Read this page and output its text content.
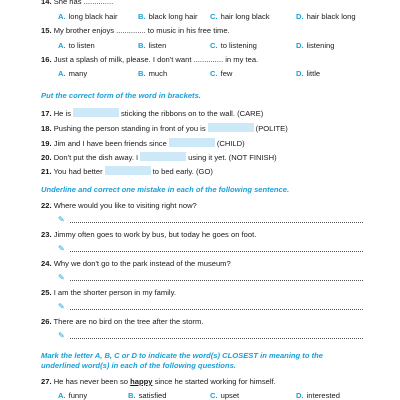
14. She has ..............
A. long black hair	B. black long hair C. hair long black	D. hair black long
15. My brother enjoys .............. to music in his free time.
A. to listen	B. listen	C. to listening	D. listening
16. Just a splash of milk, please. I don't want .............. in my tea.
A. many	B. much	C. few	D. little
Put the correct form of the word in brackets.
17. He is	sticking the ribbons on to the wall. (CARE)
18. Pushing the person standing in front of you is	(POLITE)
19. Jim and I have been friends since	(CHILD)
20. Don't put the dish away. I	using it yet. (NOT FINISH)
21. You had better	to bed early. (GO)
Underline and correct one mistake in each of the following sentence.
22. Where would you like to visiting right now?
✎
23. Jimmy often goes to work by bus, but today he goes on foot.
✎
24. Why we don't go to the park instead of the museum?
✎
25. I am the shorter person in my family.
✎
26. There are no bird on the tree after the storm.
✎
Mark the letter A, B, C or D to indicate the word(s) CLOSEST in meaning to the
underlined word(s) in each of the following questions.
27. He has never been so happy since he started working for himself.
A. funny	B. satisfied	C. upset	D. interested
